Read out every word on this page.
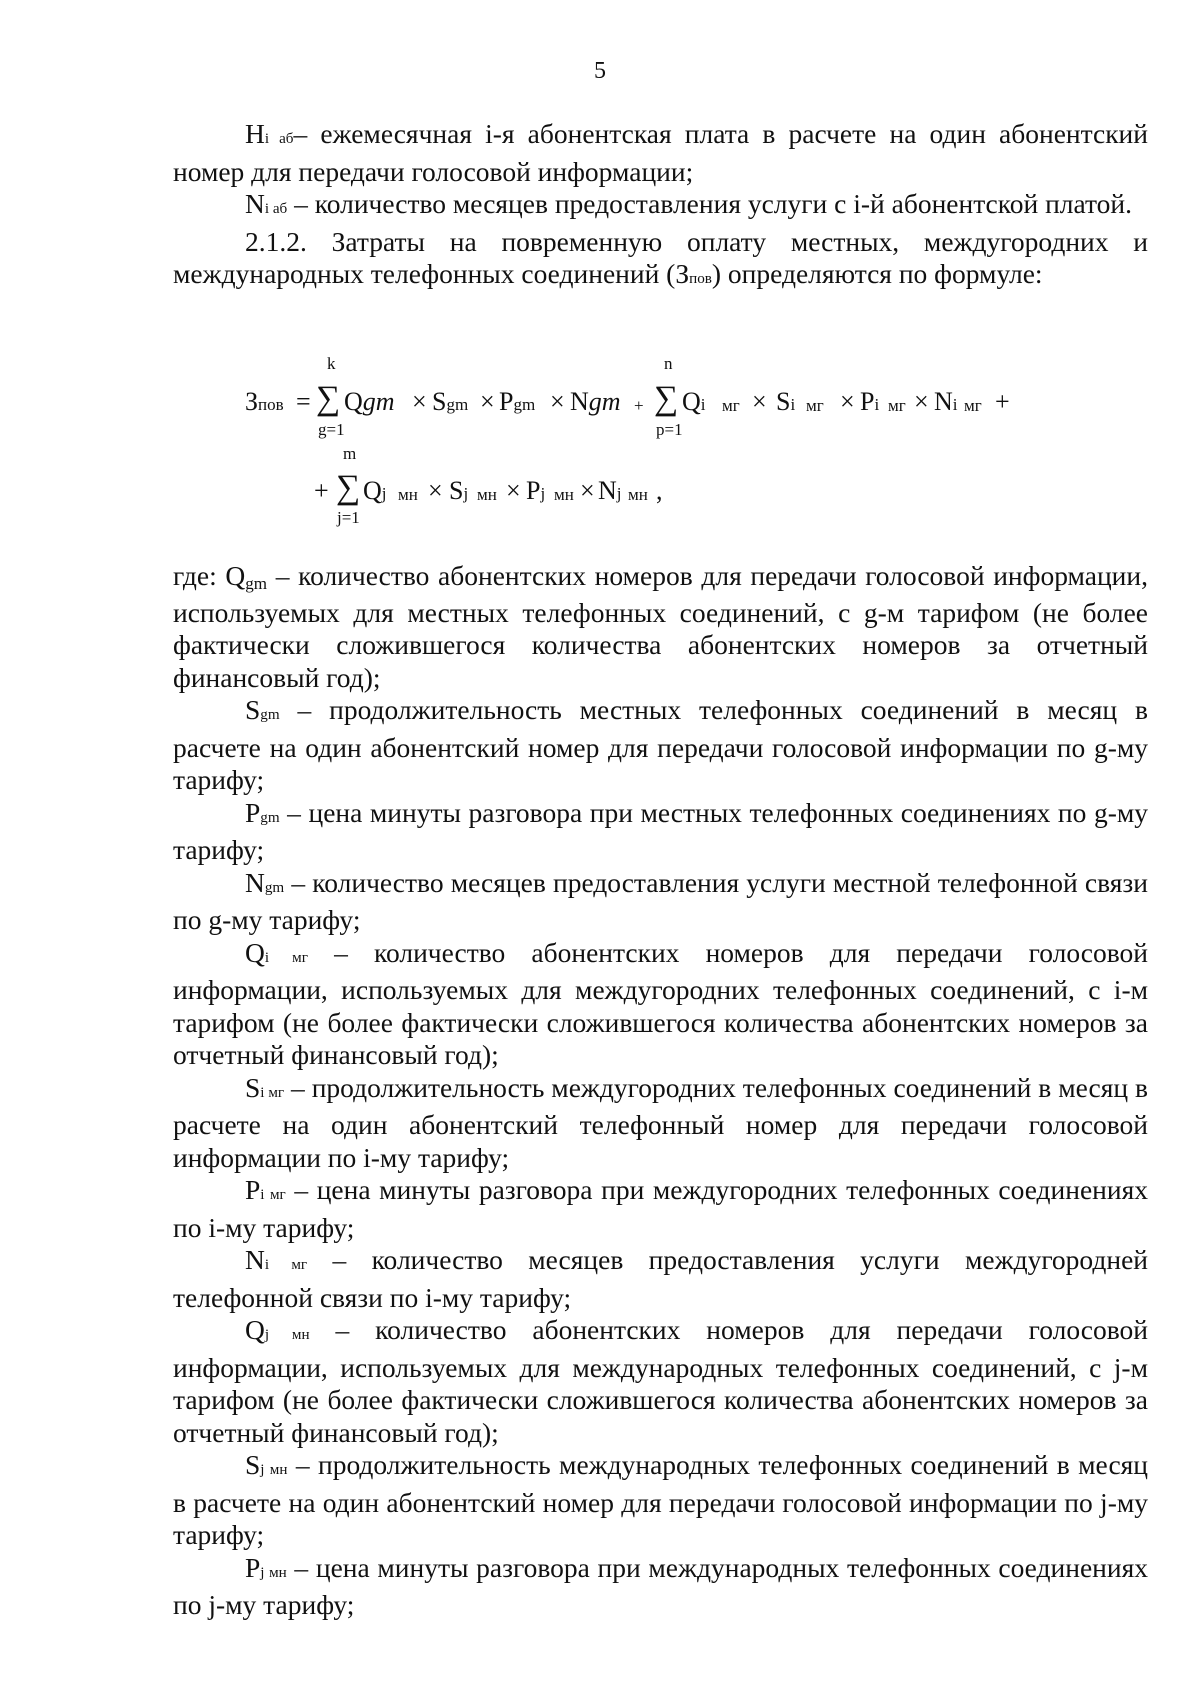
5

Нi аб– ежемесячная i-я абонентская плата в расчете на один абонентский номер для передачи голосовой информации;

Ni аб – количество месяцев предоставления услуги с i-й абонентской платой.

2.1.2. Затраты на повременную оплату местных, междугородних и международных телефонных соединений (Зпов) определяются по формуле:

k
g=1
n
p=1
Зпов = ∑ Qgm × Sgm × Pgm × Ngm + ∑ Qi мг × Si мг × Pi мг × Ni мг +
m
j=1
+ ∑ Qj мн × Sj мн × Pj мн × Nj мн ,

где: Qgm – количество абонентских номеров для передачи голосовой информации, используемых для местных телефонных соединений, с g-м тарифом (не более фактически сложившегося количества абонентских номеров за отчетный финансовый год);

Sgm – продолжительность местных телефонных соединений в месяц в расчете на один абонентский номер для передачи голосовой информации по g-му тарифу;

Pgm – цена минуты разговора при местных телефонных соединениях по g-му тарифу;

Ngm – количество месяцев предоставления услуги местной телефонной связи по g-му тарифу;

Qi мг – количество абонентских номеров для передачи голосовой информации, используемых для междугородних телефонных соединений, с i-м тарифом (не более фактически сложившегося количества абонентских номеров за отчетный финансовый год);

Si мг – продолжительность междугородних телефонных соединений в месяц в расчете на один абонентский телефонный номер для передачи голосовой информации по i-му тарифу;

Pi мг – цена минуты разговора при междугородних телефонных соединениях по i-му тарифу;

Ni мг – количество месяцев предоставления услуги междугородней телефонной связи по i-му тарифу;

Qj мн – количество абонентских номеров для передачи голосовой информации, используемых для международных телефонных соединений, с j-м тарифом (не более фактически сложившегося количества абонентских номеров за отчетный финансовый год);

Sj мн – продолжительность международных телефонных соединений в месяц в расчете на один абонентский номер для передачи голосовой информации по j-му тарифу;

Pj мн – цена минуты разговора при международных телефонных соединениях по j-му тарифу;
